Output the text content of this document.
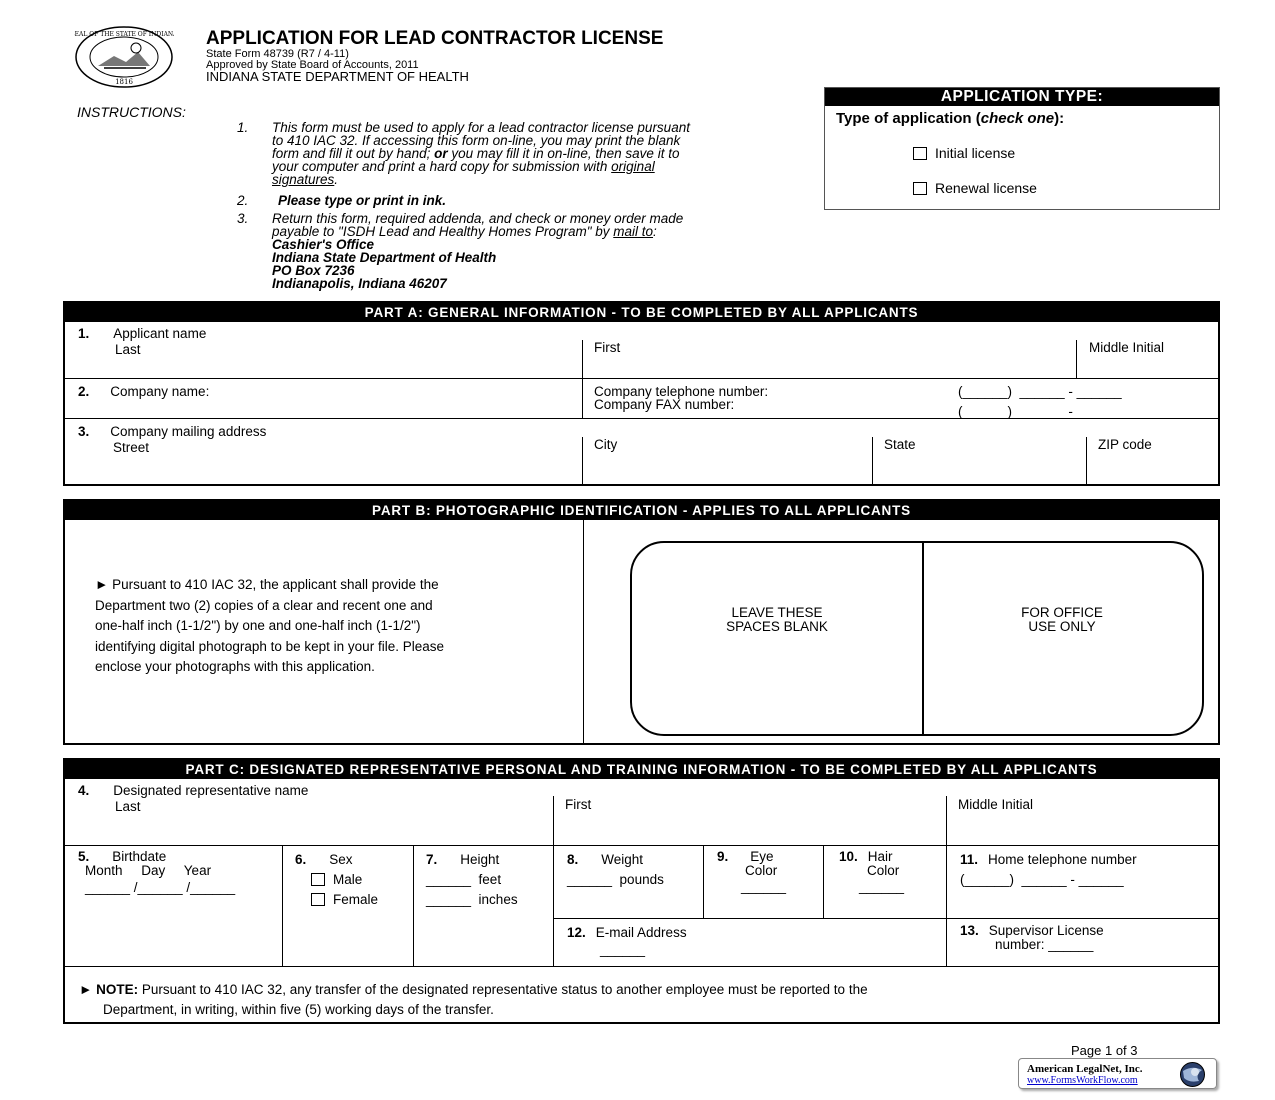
SEAL OF THE STATE OF INDIANA
1816
APPLICATION FOR LEAD CONTRACTOR LICENSE
State Form 48739 (R7 / 4-11)
Approved by State Board of Accounts, 2011
INDIANA STATE DEPARTMENT OF HEALTH
INSTRUCTIONS:
1. This form must be used to apply for a lead contractor license pursuant
to 410 IAC 32. If accessing this form on-line, you may print the blank
form and fill it out by hand; or you may fill it in on-line, then save it to
your computer and print a hard copy for submission with original
signatures.
2. Please type or print in ink.
3. Return this form, required addenda, and check or money order made
payable to "ISDH Lead and Healthy Homes Program" by mail to:
Cashier's Office
Indiana State Department of Health
PO Box 7236
Indianapolis, Indiana 46207
APPLICATION TYPE:
Type of application (check one):
Initial license
Renewal license
PART A: GENERAL INFORMATION - TO BE COMPLETED BY ALL APPLICANTS
1. Applicant name
Last	First	Middle Initial
2. Company name:	Company telephone number:
Company FAX number:
(______)  ______ - ______
(______)  ______ - ______
3. Company mailing address
Street	City	State	ZIP code
PART B: PHOTOGRAPHIC IDENTIFICATION - APPLIES TO ALL APPLICANTS
► Pursuant to 410 IAC 32, the applicant shall provide the
Department two (2) copies of a clear and recent one and
one-half inch (1-1/2") by one and one-half inch (1-1/2")
identifying digital photograph to be kept in your file. Please
enclose your photographs with this application.
LEAVE THESE
SPACES BLANK
FOR OFFICE
USE ONLY
PART C: DESIGNATED REPRESENTATIVE PERSONAL AND TRAINING INFORMATION - TO BE COMPLETED BY ALL APPLICANTS
4. Designated representative name
Last	First	Middle Initial
5. Birthdate
Month     Day     Year
______ /______ /______
6. Sex
Male
Female
7. Height
______  feet
______  inches
8. Weight
______  pounds
9. Eye
Color
______
10. Hair
Color
______
11. Home telephone number
(______)  ______ - ______
12. E-mail Address
______
13. Supervisor License
number: ______
► NOTE: Pursuant to 410 IAC 32, any transfer of the designated representative status to another employee must be reported to the
Department, in writing, within five (5) working days of the transfer.
Page 1 of 3
American LegalNet, Inc.
www.FormsWorkFlow.com
